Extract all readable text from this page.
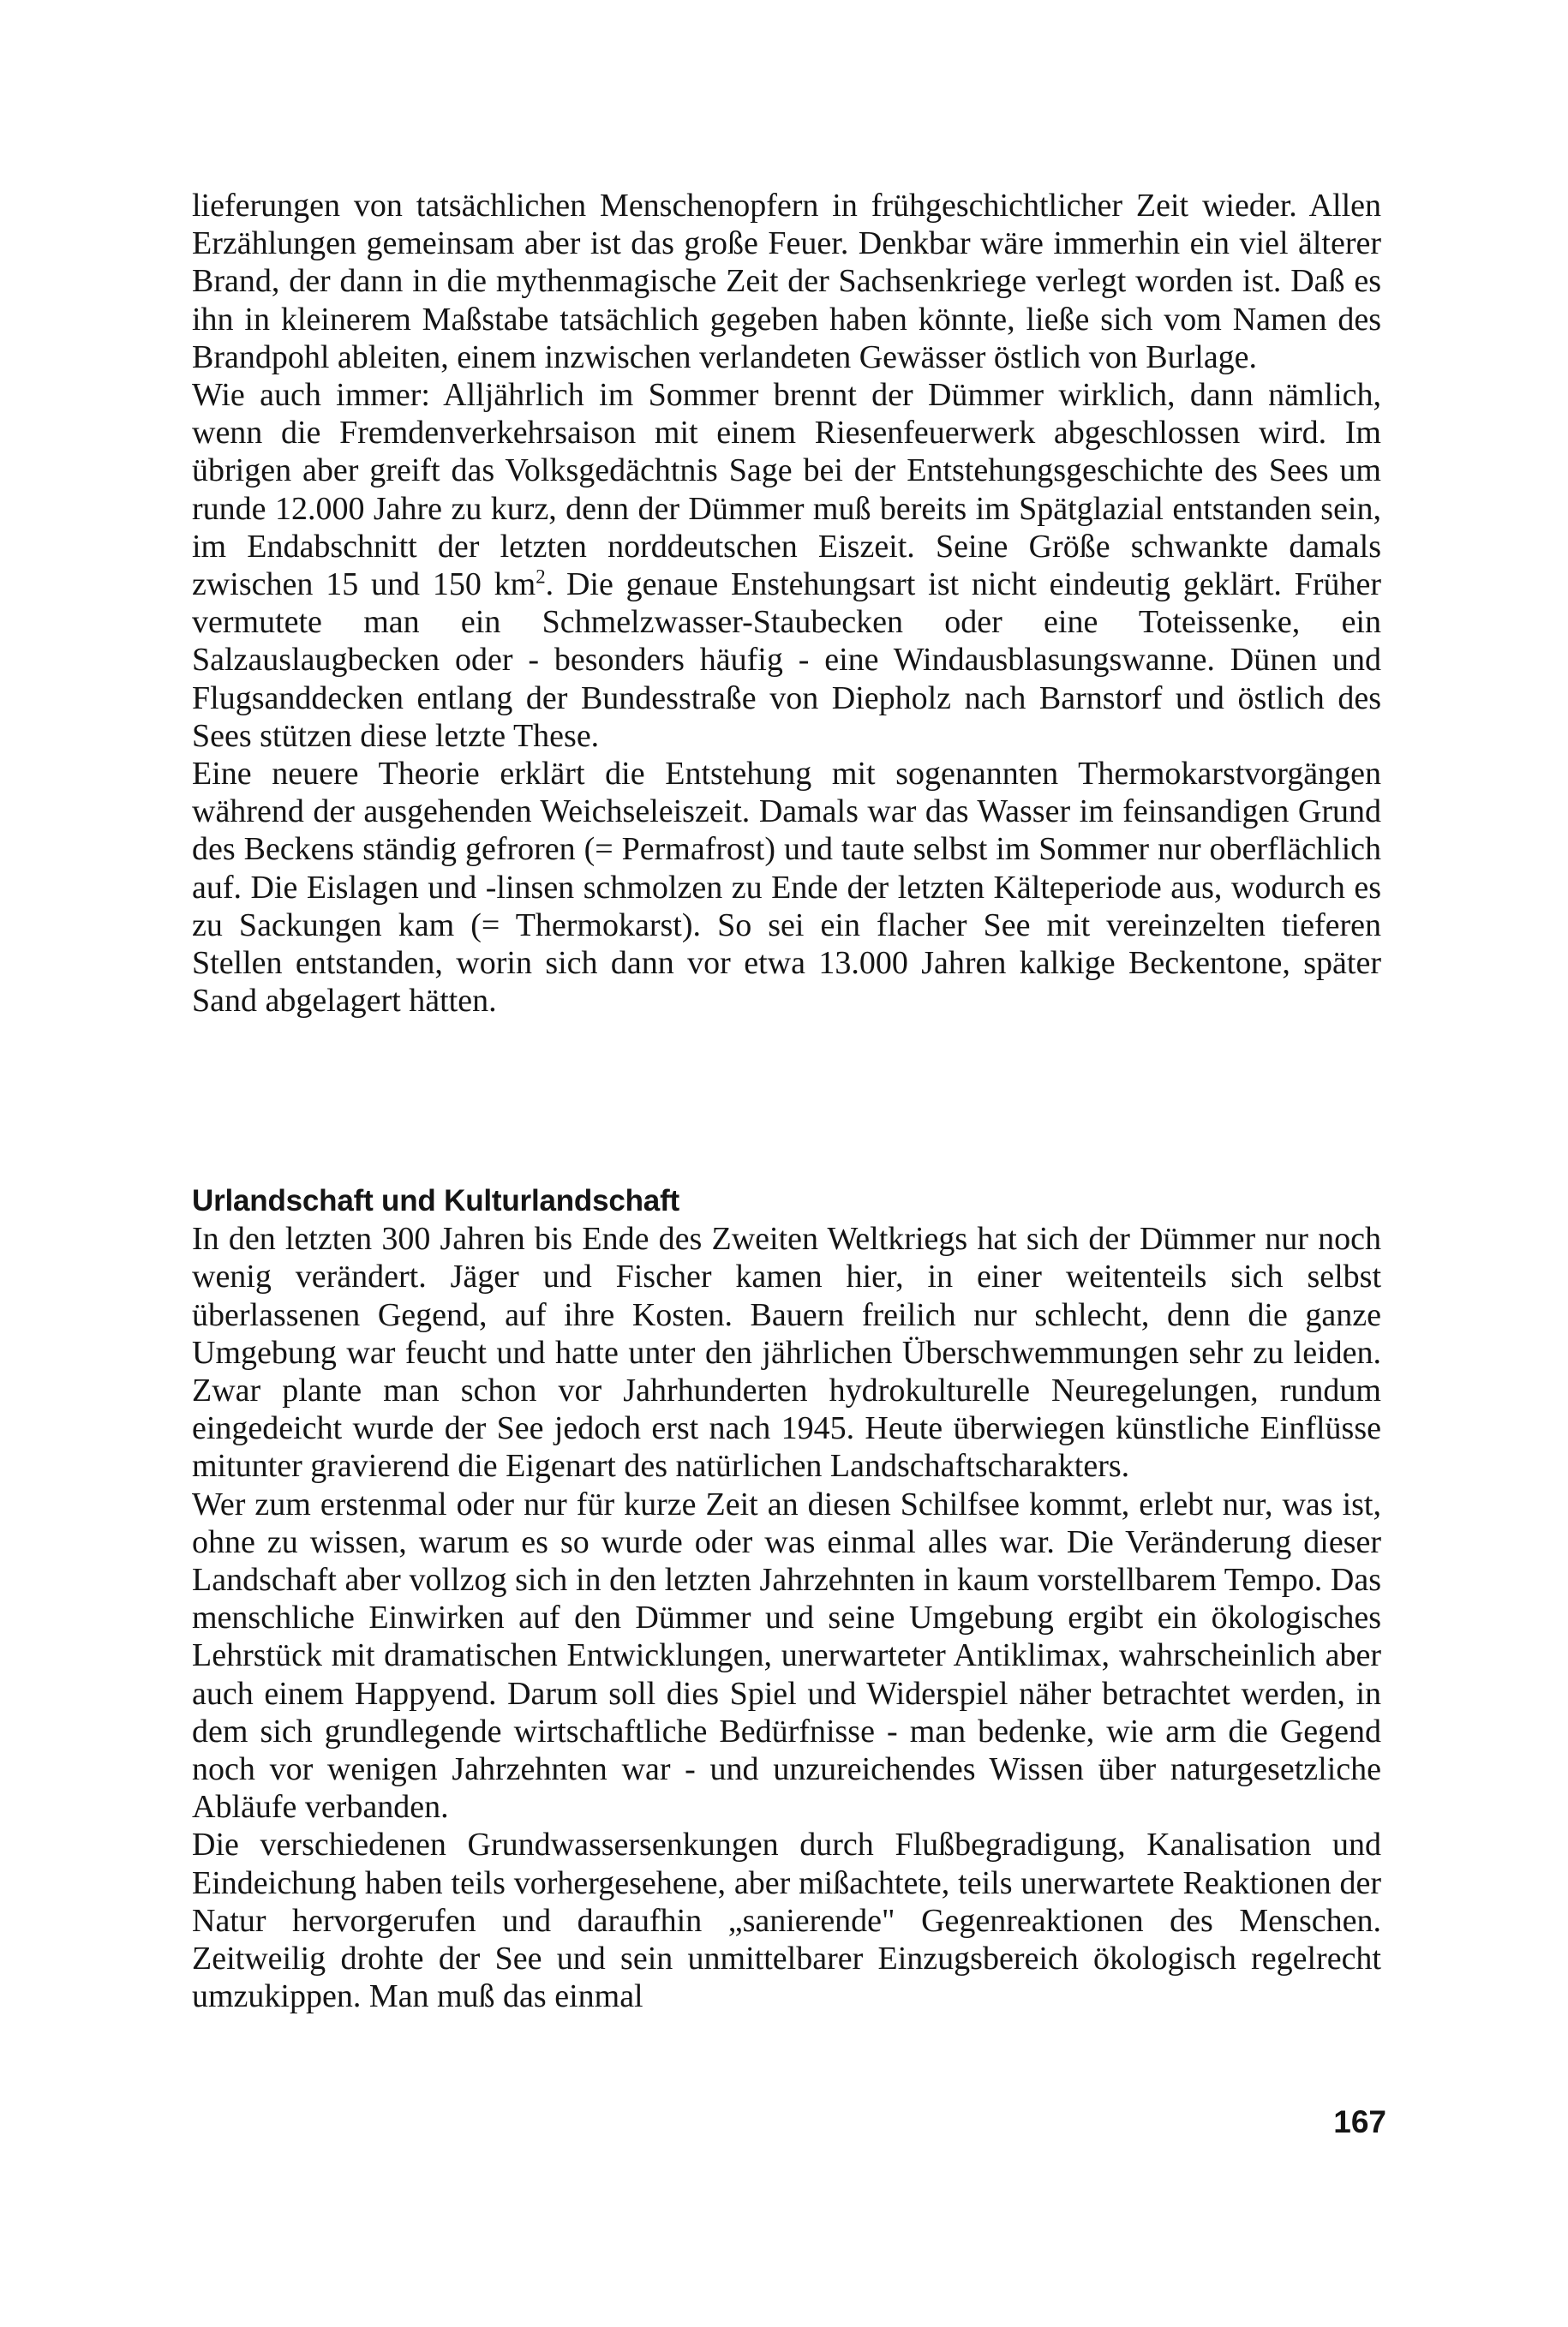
lieferungen von tatsächlichen Menschenopfern in frühgeschichtlicher Zeit wieder. Allen Erzählungen gemeinsam aber ist das große Feuer. Denkbar wäre immerhin ein viel älterer Brand, der dann in die mythenmagische Zeit der Sachsenkriege verlegt worden ist. Daß es ihn in kleinerem Maßstabe tatsächlich gegeben haben könnte, ließe sich vom Namen des Brandpohl ableiten, einem inzwischen verlandeten Gewässer östlich von Burlage.

Wie auch immer: Alljährlich im Sommer brennt der Dümmer wirklich, dann nämlich, wenn die Fremdenverkehrsaison mit einem Riesenfeuerwerk abgeschlossen wird. Im übrigen aber greift das Volksgedächtnis Sage bei der Entstehungsgeschichte des Sees um runde 12.000 Jahre zu kurz, denn der Dümmer muß bereits im Spätglazial entstanden sein, im Endabschnitt der letzten norddeutschen Eiszeit. Seine Größe schwankte damals zwischen 15 und 150 $km^2$. Die genaue Enstehungsart ist nicht eindeutig geklärt. Früher vermutete man ein Schmelzwasser-Staubecken oder eine Toteissenke, ein Salzauslaugbecken oder - besonders häufig - eine Windausblasungswanne. Dünen und Flugsanddecken entlang der Bundesstraße von Diepholz nach Barnstorf und östlich des Sees stützen diese letzte These.

Eine neuere Theorie erklärt die Entstehung mit sogenannten Thermokarstvorgängen während der ausgehenden Weichseleiszeit. Damals war das Wasser im feinsandigen Grund des Beckens ständig gefroren (= Permafrost) und taute selbst im Sommer nur oberflächlich auf. Die Eislagen und -linsen schmolzen zu Ende der letzten Kälteperiode aus, wodurch es zu Sackungen kam (= Thermokarst). So sei ein flacher See mit vereinzelten tieferen Stellen entstanden, worin sich dann vor etwa 13.000 Jahren kalkige Beckentone, später Sand abgelagert hätten.

Urlandschaft und Kulturlandschaft

In den letzten 300 Jahren bis Ende des Zweiten Weltkriegs hat sich der Dümmer nur noch wenig verändert. Jäger und Fischer kamen hier, in einer weitenteils sich selbst überlassenen Gegend, auf ihre Kosten. Bauern freilich nur schlecht, denn die ganze Umgebung war feucht und hatte unter den jährlichen Überschwemmungen sehr zu leiden. Zwar plante man schon vor Jahrhunderten hydrokulturelle Neuregelungen, rundum eingedeicht wurde der See jedoch erst nach 1945. Heute überwiegen künstliche Einflüsse mitunter gravierend die Eigenart des natürlichen Landschaftscharakters.

Wer zum erstenmal oder nur für kurze Zeit an diesen Schilfsee kommt, erlebt nur, was ist, ohne zu wissen, warum es so wurde oder was einmal alles war. Die Veränderung dieser Landschaft aber vollzog sich in den letzten Jahrzehnten in kaum vorstellbarem Tempo. Das menschliche Einwirken auf den Dümmer und seine Umgebung ergibt ein ökologisches Lehrstück mit dramatischen Entwicklungen, unerwarteter Antiklimax, wahrscheinlich aber auch einem Happyend. Darum soll dies Spiel und Widerspiel näher betrachtet werden, in dem sich grundlegende wirtschaftliche Bedürfnisse - man bedenke, wie arm die Gegend noch vor wenigen Jahrzehnten war - und unzureichendes Wissen über naturgesetzliche Abläufe verbanden.

Die verschiedenen Grundwassersenkungen durch Flußbegradigung, Kanalisation und Eindeichung haben teils vorhergesehene, aber mißachtete, teils unerwartete Reaktionen der Natur hervorgerufen und daraufhin „sanierende" Gegenreaktionen des Menschen. Zeitweilig drohte der See und sein unmittelbarer Einzugsbereich ökologisch regelrecht umzukippen. Man muß das einmal

167
